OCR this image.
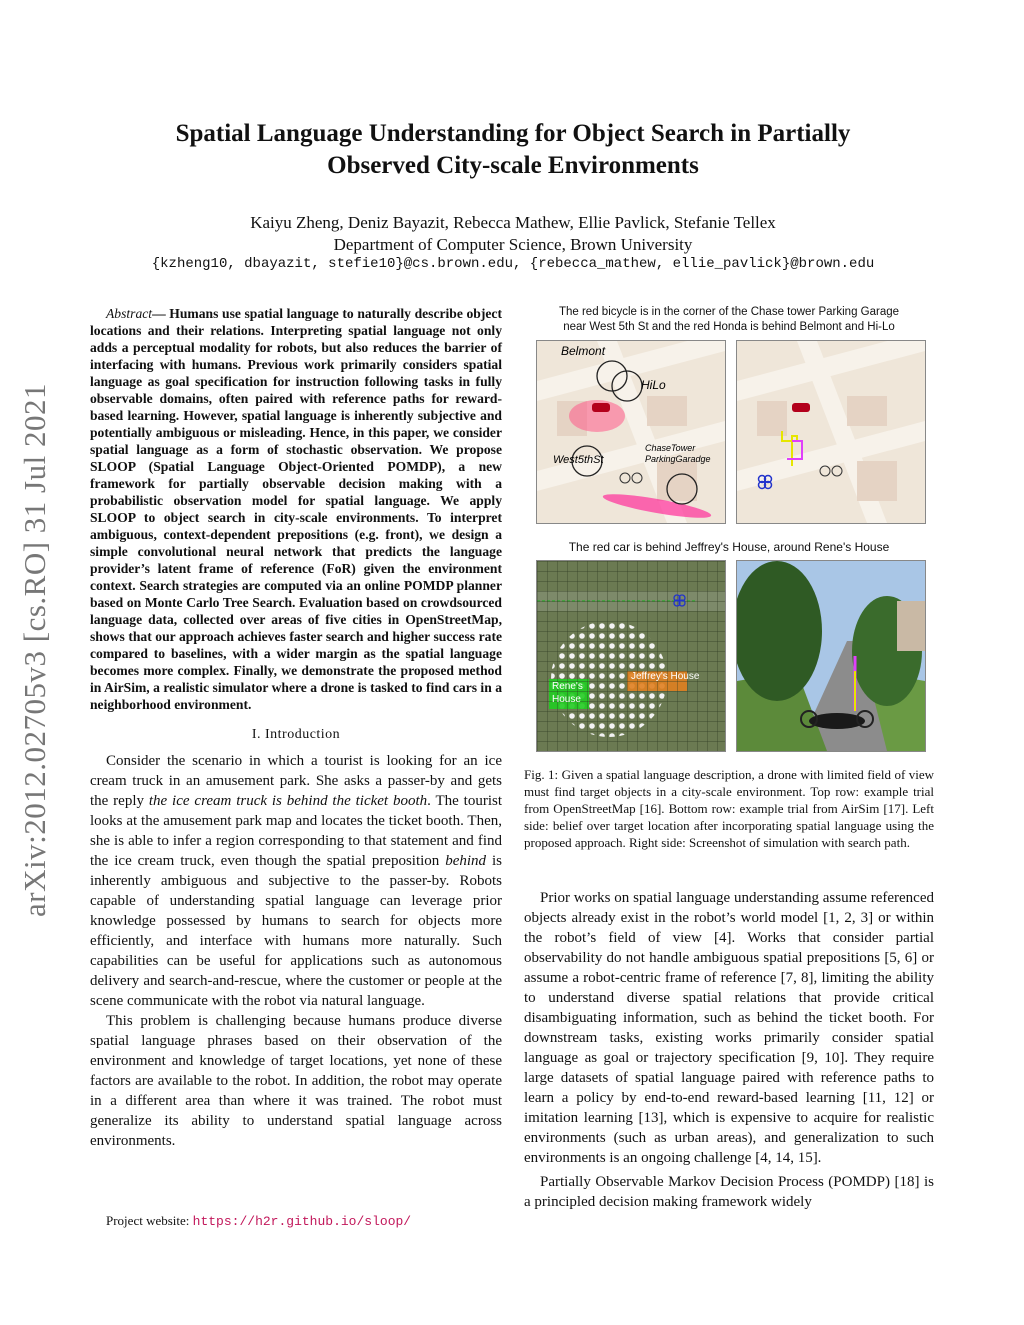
arXiv:2012.02705v3 [cs.RO] 31 Jul 2021
Spatial Language Understanding for Object Search in Partially
Observed City-scale Environments
Kaiyu Zheng, Deniz Bayazit, Rebecca Mathew, Ellie Pavlick, Stefanie Tellex
Department of Computer Science, Brown University
{kzheng10, dbayazit, stefie10}@cs.brown.edu, {rebecca_mathew, ellie_pavlick}@brown.edu
Abstract— Humans use spatial language to naturally describe object locations and their relations. Interpreting spatial language not only adds a perceptual modality for robots, but also reduces the barrier of interfacing with humans. Previous work primarily considers spatial language as goal specification for instruction following tasks in fully observable domains, often paired with reference paths for reward-based learning. However, spatial language is inherently subjective and potentially ambiguous or misleading. Hence, in this paper, we consider spatial language as a form of stochastic observation. We propose SLOOP (Spatial Language Object-Oriented POMDP), a new framework for partially observable decision making with a probabilistic observation model for spatial language. We apply SLOOP to object search in city-scale environments. To interpret ambiguous, context-dependent prepositions (e.g. front), we design a simple convolutional neural network that predicts the language provider’s latent frame of reference (FoR) given the environment context. Search strategies are computed via an online POMDP planner based on Monte Carlo Tree Search. Evaluation based on crowdsourced language data, collected over areas of five cities in OpenStreetMap, shows that our approach achieves faster search and higher success rate compared to baselines, with a wider margin as the spatial language becomes more complex. Finally, we demonstrate the proposed method in AirSim, a realistic simulator where a drone is tasked to find cars in a neighborhood environment.
I. Introduction

Consider the scenario in which a tourist is looking for an ice cream truck in an amusement park. She asks a passer-by and gets the reply the ice cream truck is behind the ticket booth. The tourist looks at the amusement park map and locates the ticket booth. Then, she is able to infer a region corresponding to that statement and find the ice cream truck, even though the spatial preposition behind is inherently ambiguous and subjective to the passer-by. Robots capable of understanding spatial language can leverage prior knowledge possessed by humans to search for objects more efficiently, and interface with humans more naturally. Such capabilities can be useful for applications such as autonomous delivery and search-and-rescue, where the customer or people at the scene communicate with the robot via natural language.

This problem is challenging because humans produce diverse spatial language phrases based on their observation of the environment and knowledge of target locations, yet none of these factors are available to the robot. In addition, the robot may operate in a different area than where it was trained. The robot must generalize its ability to understand spatial language across environments.

Project website: https://h2r.github.io/sloop/
The red bicycle is in the corner of the Chase tower Parking Garage
near West 5th St and the red Honda is behind Belmont and Hi-Lo
Belmont
HiLo
West5thSt
ChaseTower
ParkingGaradge
The red car is behind Jeffrey's House, around Rene's House
Jeffrey's House
Rene's
House
Fig. 1: Given a spatial language description, a drone with limited field of view must find target objects in a city-scale environment. Top row: example trial from OpenStreetMap [16]. Bottom row: example trial from AirSim [17]. Left side: belief over target location after incorporating spatial language using the proposed approach. Right side: Screenshot of simulation with search path.

Prior works on spatial language understanding assume referenced objects already exist in the robot’s world model [1, 2, 3] or within the robot’s field of view [4]. Works that consider partial observability do not handle ambiguous spatial prepositions [5, 6] or assume a robot-centric frame of reference [7, 8], limiting the ability to understand diverse spatial relations that provide critical disambiguating information, such as behind the ticket booth. For downstream tasks, existing works primarily consider spatial language as goal or trajectory specification [9, 10]. They require large datasets of spatial language paired with reference paths to learn a policy by end-to-end reward-based learning [11, 12] or imitation learning [13], which is expensive to acquire for realistic environments (such as urban areas), and generalization to such environments is an ongoing challenge [4, 14, 15].

Partially Observable Markov Decision Process (POMDP) [18] is a principled decision making framework widely
